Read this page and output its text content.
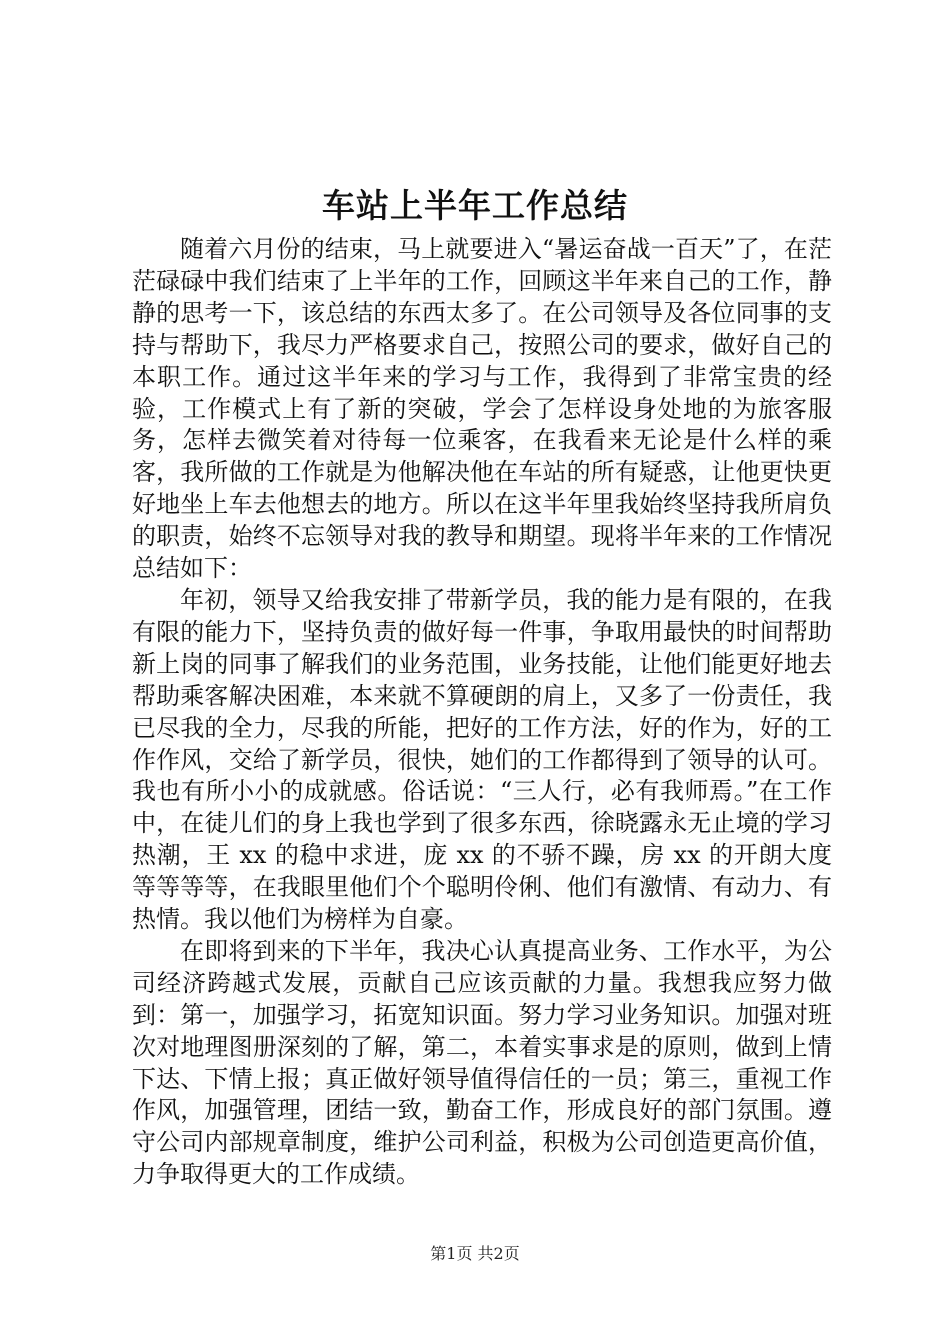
车站上半年工作总结

随着六月份的结束，马上就要进入“暑运奋战一百天”了，在茫茫碌碌中我们结束了上半年的工作，回顾这半年来自己的工作，静静的思考一下，该总结的东西太多了。在公司领导及各位同事的支持与帮助下，我尽力严格要求自己，按照公司的要求，做好自己的本职工作。通过这半年来的学习与工作，我得到了非常宝贵的经验，工作模式上有了新的突破，学会了怎样设身处地的为旅客服务，怎样去微笑着对待每一位乘客，在我看来无论是什么样的乘客，我所做的工作就是为他解决他在车站的所有疑惑，让他更快更好地坐上车去他想去的地方。所以在这半年里我始终坚持我所肩负的职责，始终不忘领导对我的教导和期望。现将半年来的工作情况总结如下：

年初，领导又给我安排了带新学员，我的能力是有限的，在我有限的能力下，坚持负责的做好每一件事，争取用最快的时间帮助新上岗的同事了解我们的业务范围，业务技能，让他们能更好地去帮助乘客解决困难，本来就不算硬朗的肩上，又多了一份责任，我已尽我的全力，尽我的所能，把好的工作方法，好的作为，好的工作作风，交给了新学员，很快，她们的工作都得到了领导的认可。我也有所小小的成就感。俗话说：“三人行，必有我师焉。”在工作中，在徒儿们的身上我也学到了很多东西，徐晓露永无止境的学习热潮，王 xx 的稳中求进，庞 xx 的不骄不躁，房 xx 的开朗大度等等等等，在我眼里他们个个聪明伶俐、他们有激情、有动力、有热情。我以他们为榜样为自豪。

在即将到来的下半年，我决心认真提高业务、工作水平，为公司经济跨越式发展，贡献自己应该贡献的力量。我想我应努力做到：第一，加强学习，拓宽知识面。努力学习业务知识。加强对班次对地理图册深刻的了解，第二，本着实事求是的原则，做到上情下达、下情上报；真正做好领导值得信任的一员；第三，重视工作作风，加强管理，团结一致，勤奋工作，形成良好的部门氛围。遵守公司内部规章制度，维护公司利益，积极为公司创造更高价值，力争取得更大的工作成绩。

第1页 共2页
